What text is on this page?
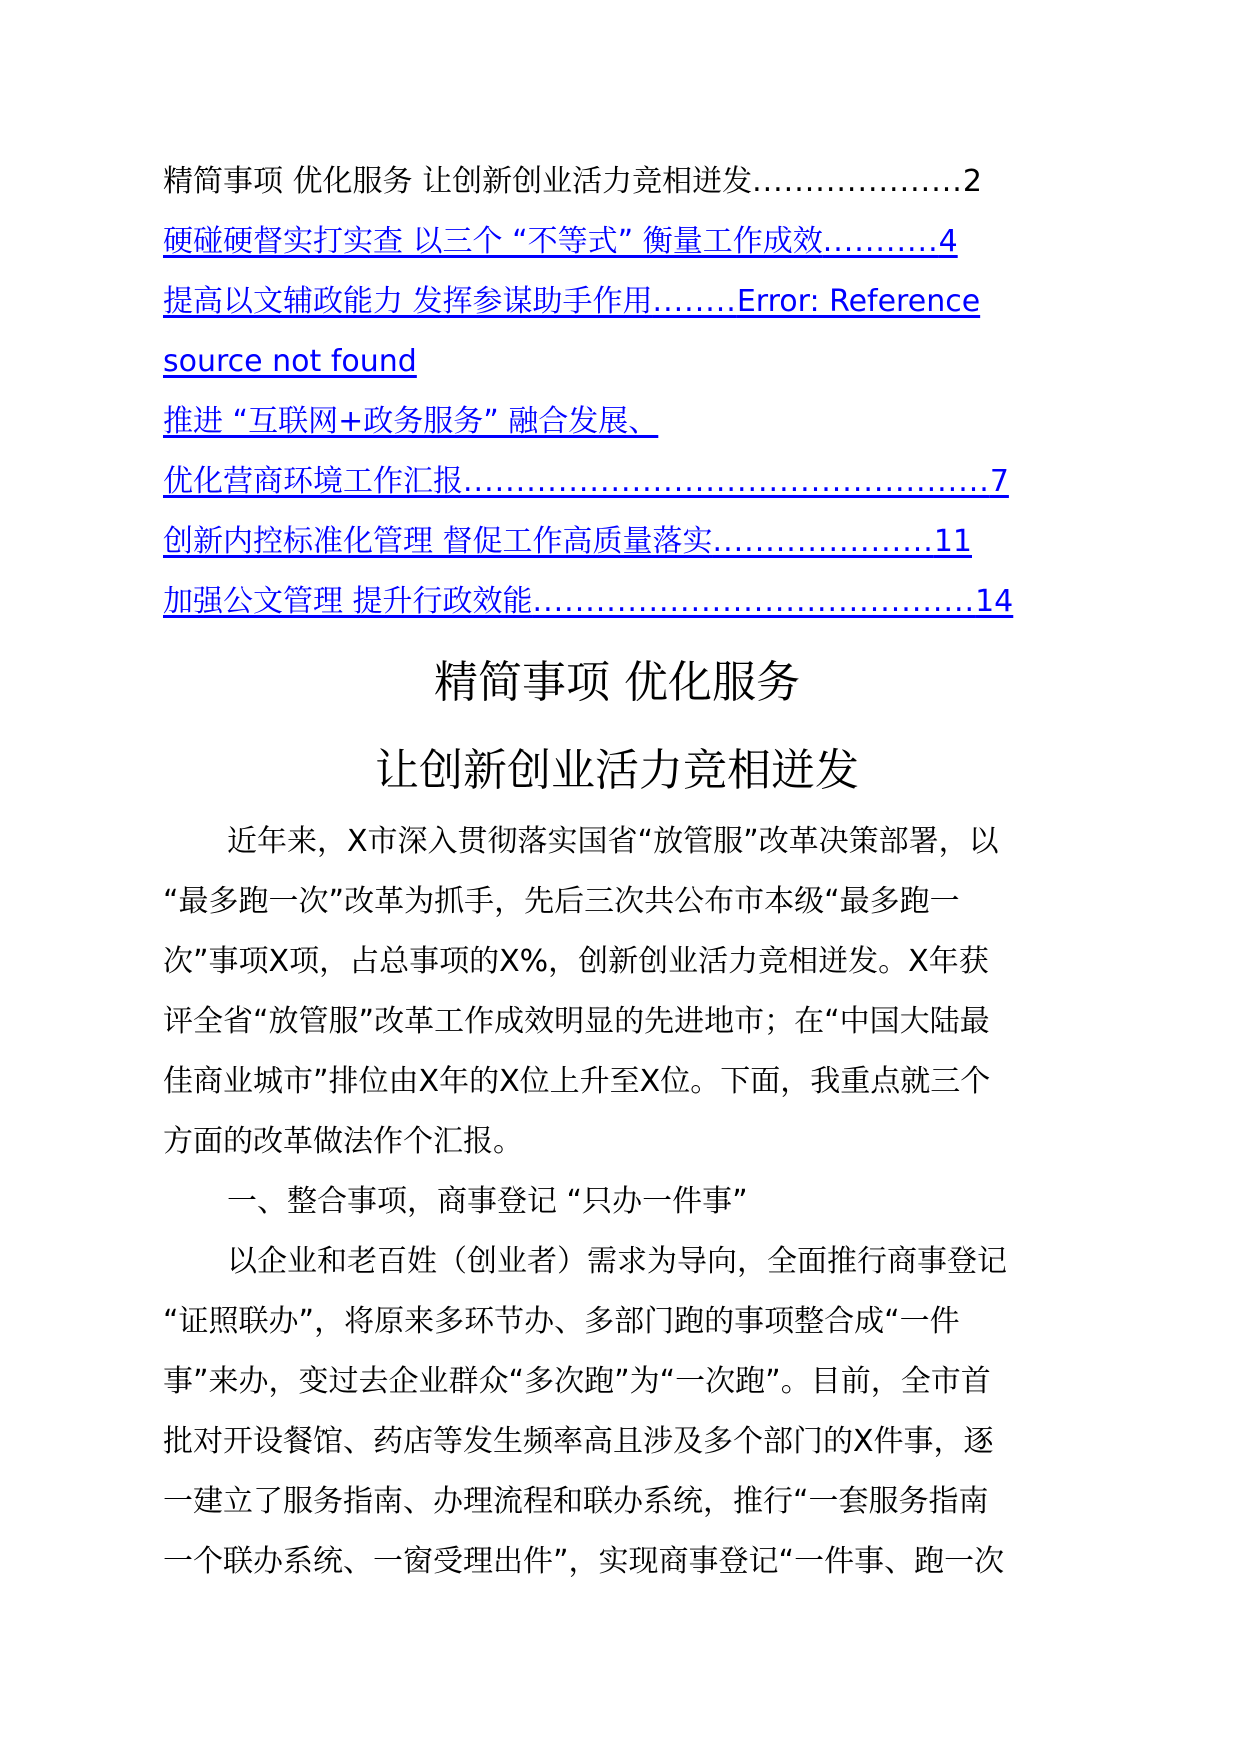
精简事项 优化服务 让创新创业活力竞相迸发....................2
硬碰硬督实打实查 以三个 “不等式” 衡量工作成效...........4
提高以文辅政能力 发挥参谋助手作用........Error: Reference
source not found
推进 “互联网+政务服务” 融合发展、
优化营商环境工作汇报..................................................7
创新内控标准化管理 督促工作高质量落实.....................11
加强公文管理 提升行政效能..........................................14
精简事项 优化服务
让创新创业活力竞相迸发
近年来，X市深入贯彻落实国省“放管服”改革决策部署，以
“最多跑一次”改革为抓手，先后三次共公布市本级“最多跑一
次”事项X项，占总事项的X%，创新创业活力竞相迸发。X年获
评全省“放管服”改革工作成效明显的先进地市；在“中国大陆最
佳商业城市”排位由X年的X位上升至X位。下面，我重点就三个
方面的改革做法作个汇报。
一、整合事项，商事登记 “只办一件事”
以企业和老百姓（创业者）需求为导向，全面推行商事登记
“证照联办”，将原来多环节办、多部门跑的事项整合成“一件
事”来办，变过去企业群众“多次跑”为“一次跑”。目前，全市首
批对开设餐馆、药店等发生频率高且涉及多个部门的X件事，逐
一建立了服务指南、办理流程和联办系统，推行“一套服务指南
一个联办系统、一窗受理出件”，实现商事登记“一件事、跑一次
